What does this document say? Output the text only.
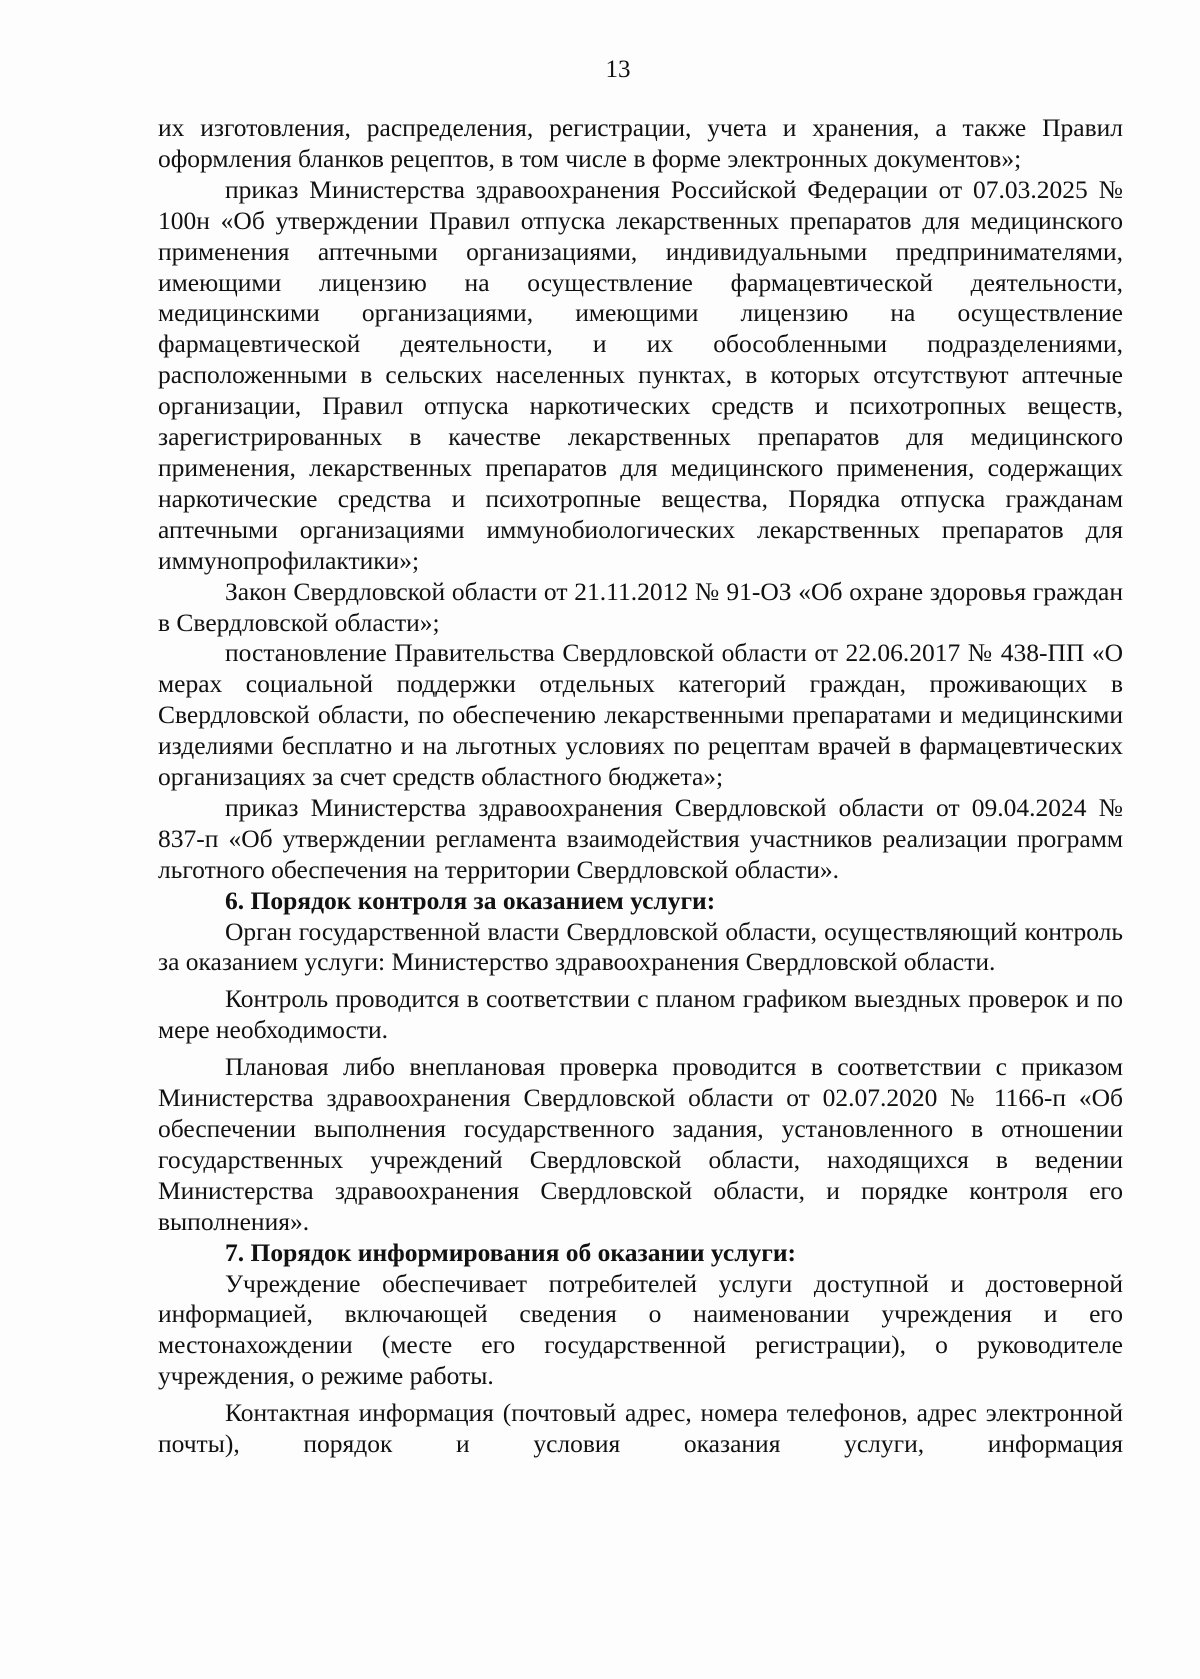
13

их изготовления, распределения, регистрации, учета и хранения, а также Правил оформления бланков рецептов, в том числе в форме электронных документов»;

приказ Министерства здравоохранения Российской Федерации от 07.03.2025 № 100н «Об утверждении Правил отпуска лекарственных препаратов для медицинского применения аптечными организациями, индивидуальными предпринимателями, имеющими лицензию на осуществление фармацевтической деятельности, медицинскими организациями, имеющими лицензию на осуществление фармацевтической деятельности, и их обособленными подразделениями, расположенными в сельских населенных пунктах, в которых отсутствуют аптечные организации, Правил отпуска наркотических средств и психотропных веществ, зарегистрированных в качестве лекарственных препаратов для медицинского применения, лекарственных препаратов для медицинского применения, содержащих наркотические средства и психотропные вещества, Порядка отпуска гражданам аптечными организациями иммунобиологических лекарственных препаратов для иммунопрофилактики»;

Закон Свердловской области от 21.11.2012 № 91-ОЗ «Об охране здоровья граждан в Свердловской области»;

постановление Правительства Свердловской области от 22.06.2017 № 438-ПП «О мерах социальной поддержки отдельных категорий граждан, проживающих в Свердловской области, по обеспечению лекарственными препаратами и медицинскими изделиями бесплатно и на льготных условиях по рецептам врачей в фармацевтических организациях за счет средств областного бюджета»;

приказ Министерства здравоохранения Свердловской области от 09.04.2024 № 837-п «Об утверждении регламента взаимодействия участников реализации программ льготного обеспечения на территории Свердловской области».

6. Порядок контроля за оказанием услуги:

Орган государственной власти Свердловской области, осуществляющий контроль за оказанием услуги: Министерство здравоохранения Свердловской области.

Контроль проводится в соответствии с планом графиком выездных проверок и по мере необходимости.

Плановая либо внеплановая проверка проводится в соответствии с приказом Министерства здравоохранения Свердловской области от 02.07.2020 № 1166-п «Об обеспечении выполнения государственного задания, установленного в отношении государственных учреждений Свердловской области, находящихся в ведении Министерства здравоохранения Свердловской области, и порядке контроля его выполнения».

7. Порядок информирования об оказании услуги:

Учреждение обеспечивает потребителей услуги доступной и достоверной информацией, включающей сведения о наименовании учреждения и его местонахождении (месте его государственной регистрации), о руководителе учреждения, о режиме работы.

Контактная информация (почтовый адрес, номера телефонов, адрес электронной почты), порядок и условия оказания услуги, информация
